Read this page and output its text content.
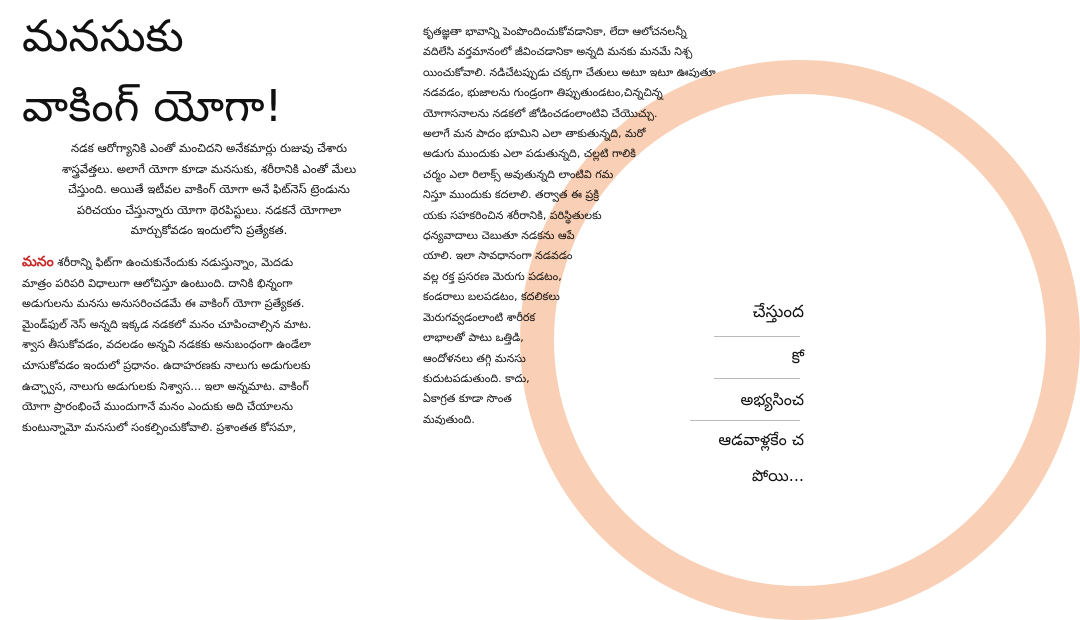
మనసుకు
వాకింగ్ యోగా!
నడక ఆరోగ్యానికి ఎంతో మంచిదని అనేకమార్లు రుజువు చేశారు
శాస్త్రవేత్తలు. అలాగే యోగా కూడా మనసుకు, శరీరానికి ఎంతో మేలు
చేస్తుంది. అయితే ఇటీవల వాకింగ్ యోగా అనే ఫిట్‌నెస్ ట్రెండును
పరిచయం చేస్తున్నారు యోగా థెరపిస్టులు. నడకనే యోగాలా
మార్చుకోవడం ఇందులోని ప్రత్యేకత.
మనం శరీరాన్ని ఫిట్‌గా ఉంచుకునేందుకు నడుస్తున్నాం, మెదడు
మాత్రం పరిపరి విధాలుగా ఆలోచిస్తూ ఉంటుంది. దానికి భిన్నంగా
అడుగులను మనసు అనుసరించడమే ఈ వాకింగ్ యోగా ప్రత్యేకత.
మైండ్‌ఫుల్ నెస్ అన్నది ఇక్కడ నడకలో మనం చూపించాల్సిన మాట.
శ్వాస తీసుకోవడం, వదలడం అన్నవి నడకకు అనుబంధంగా ఉండేలా
చూసుకోవడం ఇందులో ప్రధానం. ఉదాహరణకు నాలుగు అడుగులకు
ఉచ్ఛ్వాస, నాలుగు అడుగులకు నిశ్వాస... ఇలా అన్నమాట. వాకింగ్
యోగా ప్రారంభించే ముందుగానే మనం ఎందుకు అది చేయాలను
కుంటున్నామో మనసులో సంకల్పించుకోవాలి. ప్రశాంతత కోసమా,
కృతజ్ఞతా భావాన్ని పెంపొందించుకోవడానికా, లేదా ఆలోచనలన్నీ
వదిలేసి వర్తమానంలో జీవించడానికా అన్నది మనకు మనమే నిశ్చ
యించుకోవాలి. నడిచేటప్పుడు చక్కగా చేతులు అటూ ఇటూ ఊపుతూ
నడవడం, భుజాలను గుండ్రంగా తిప్పుతుండటం,చిన్నచిన్న
యోగాసనాలను నడకలో జోడించడంలాంటివి చేయొచ్చు.
అలాగే మన పాదం భూమిని ఎలా తాకుతున్నది, మరో
అడుగు ముందుకు ఎలా పడుతున్నది, చల్లటి గాలికి
చర్మం ఎలా రిలాక్స్ అవుతున్నది లాంటివి గమ
నిస్తూ ముందుకు కదలాలి. తర్వాత ఈ ప్రక్రి
యకు సహకరించిన శరీరానికి, పరిస్థితులకు
ధన్యవాదాలు చెబుతూ నడకను ఆపే
యాలి. ఇలా సావధానంగా నడవడం
వల్ల రక్త ప్రసరణ మెరుగు పడటం,
కండరాలు బలపడటం, కదలికలు
మెరుగవ్వడంలాంటి శారీరక
లాభాలతో పాటు ఒత్తిడి,
ఆందోళనలు తగ్గి మనసు
కుదుటపడుతుంది. కాదు,
ఏకాగ్రత కూడా సొంత
మవుతుంది.
చేస్తుంద
కో
అభ్యసించ
ఆడవాళ్లకేం చ
పోయి...
